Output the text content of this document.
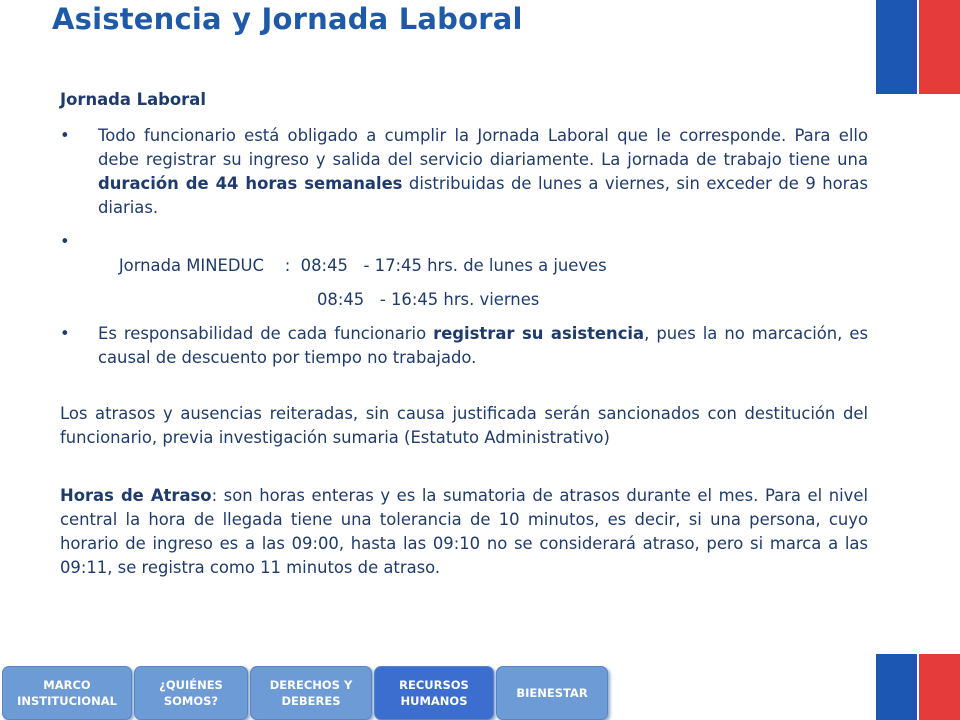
Asistencia y Jornada Laboral

Jornada Laboral

• Todo funcionario está obligado a cumplir la Jornada Laboral que le corresponde. Para ello debe registrar su ingreso y salida del servicio diariamente. La jornada de trabajo tiene una duración de 44 horas semanales distribuidas de lunes a viernes, sin exceder de 9 horas diarias.

•
Jornada MINEDUC    :  08:45   - 17:45 hrs. de lunes a jueves

08:45   - 16:45 hrs. viernes

• Es responsabilidad de cada funcionario registrar su asistencia, pues la no marcación, es causal de descuento por tiempo no trabajado.

Los atrasos y ausencias reiteradas, sin causa justificada serán sancionados con destitución del funcionario, previa investigación sumaria (Estatuto Administrativo)

Horas de Atraso: son horas enteras y es la sumatoria de atrasos durante el mes. Para el nivel central la hora de llegada tiene una tolerancia de 10 minutos, es decir, si una persona, cuyo horario de ingreso es a las 09:00, hasta las 09:10 no se considerará atraso, pero si marca a las 09:11, se registra como 11 minutos de atraso.

MARCO
INSTITUCIONAL
¿QUIÉNES
SOMOS?
DERECHOS Y
DEBERES
RECURSOS
HUMANOS
BIENESTAR
